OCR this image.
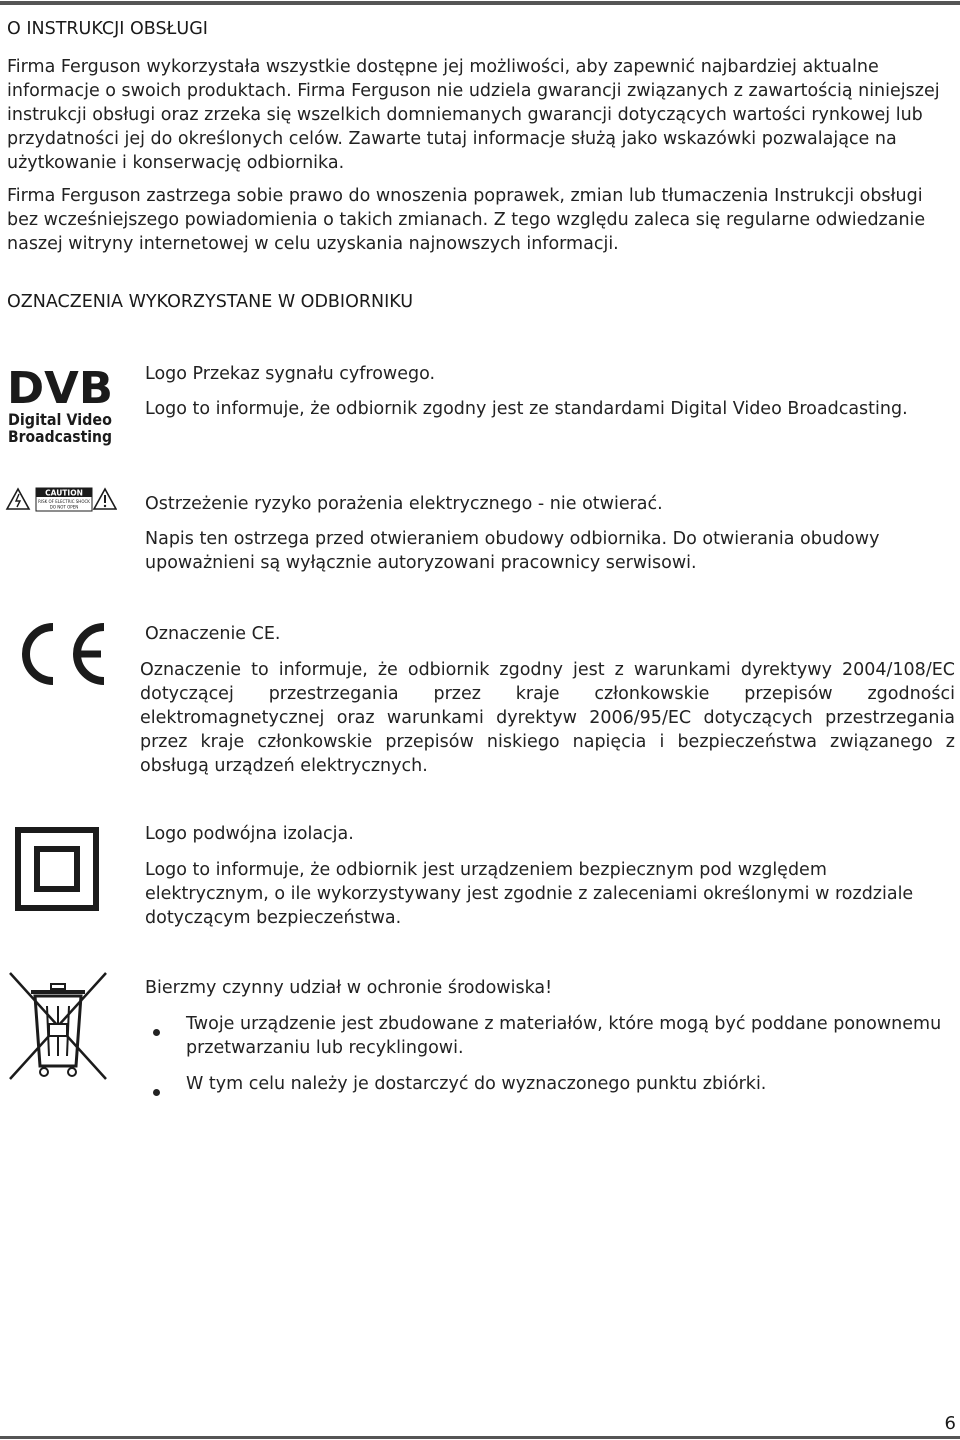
O INSTRUKCJI OBSŁUGI

Firma Ferguson wykorzystała wszystkie dostępne jej możliwości, aby zapewnić najbardziej aktualne informacje o swoich produktach. Firma Ferguson nie udziela gwarancji związanych z zawartością niniejszej instrukcji obsługi oraz zrzeka się wszelkich domniemanych gwarancji dotyczących wartości rynkowej lub przydatności jej do określonych celów. Zawarte tutaj informacje służą jako wskazówki pozwalające na użytkowanie i konserwację odbiornika.

Firma Ferguson zastrzega sobie prawo do wnoszenia poprawek, zmian lub tłumaczenia Instrukcji obsługi bez wcześniejszego powiadomienia o takich zmianach. Z tego względu zaleca się regularne odwiedzanie naszej witryny internetowej w celu uzyskania najnowszych informacji.

OZNACZENIA WYKORZYSTANE W ODBIORNIKU
DVB
Digital Video
Broadcasting

Logo Przekaz sygnału cyfrowego.

Logo to informuje, że odbiornik zgodny jest ze standardami Digital Video Broadcasting.

CAUTION
RISK OF ELECTRIC SHOCK
DO NOT OPEN	Ostrzeżenie ryzyko porażenia elektrycznego - nie otwierać.

Napis ten ostrzega przed otwieraniem obudowy odbiornika. Do otwierania obudowy upoważnieni są wyłącznie autoryzowani pracownicy serwisowi.

Oznaczenie CE.

Oznaczenie to informuje, że odbiornik zgodny jest z warunkami dyrektywy 2004/108/EC dotyczącej przestrzegania przez kraje członkowskie przepisów zgodności elektromagnetycznej oraz warunkami dyrektyw 2006/95/EC dotyczących przestrzegania przez kraje członkowskie przepisów niskiego napięcia i bezpieczeństwa związanego z obsługą urządzeń elektrycznych.

Logo podwójna izolacja.

Logo to informuje, że odbiornik jest urządzeniem bezpiecznym pod względem elektrycznym, o ile wykorzystywany jest zgodnie z zaleceniami określonymi w rozdziale dotyczącym bezpieczeństwa.

Bierzmy czynny udział w ochronie środowiska!

Twoje urządzenie jest zbudowane z materiałów, które mogą być poddane ponownemu przetwarzaniu lub recyklingowi.

W tym celu należy je dostarczyć do wyznaczonego punktu zbiórki.

6
